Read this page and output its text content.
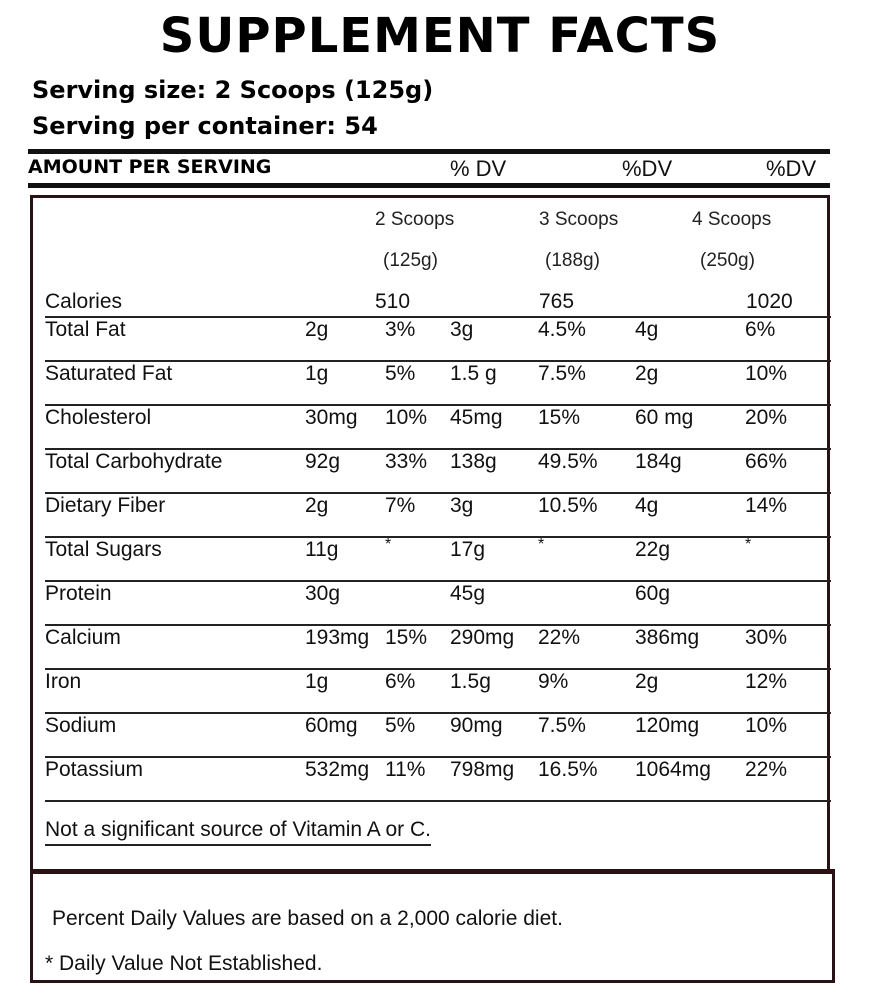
SUPPLEMENT FACTS
Serving size: 2 Scoops (125g)
Serving per container: 54
AMOUNT PER SERVING	% DV	%DV	%DV
2 Scoops	3 Scoops	4 Scoops
(125g)	(188g)	(250g)
Calories	510	765	1020
Total Fat	2g	3% 3g	4.5% 4g	6%
Saturated Fat	1g	5% 1.5 g 7.5% 2g	10%
Cholesterol	30mg 10% 45mg 15%	60 mg 20%
Total Carbohydrate	92g 33% 138g 49.5% 184g	66%
Dietary Fiber	2g	7% 3g	10.5% 4g	14%
Total Sugars	11g	*	17g	*	22g	*
Protein	30g	45g	60g
Calcium	193mg 15% 290mg 22%	386mg 30%
Iron	1g	6% 1.5g 9%	2g	12%
Sodium	60mg 5% 90mg 7.5% 120mg 10%
Potassium	532mg 11% 798mg 16.5% 1064mg 22%
Not a significant source of Vitamin A or C.
Percent Daily Values are based on a 2,000 calorie diet.
* Daily Value Not Established.
